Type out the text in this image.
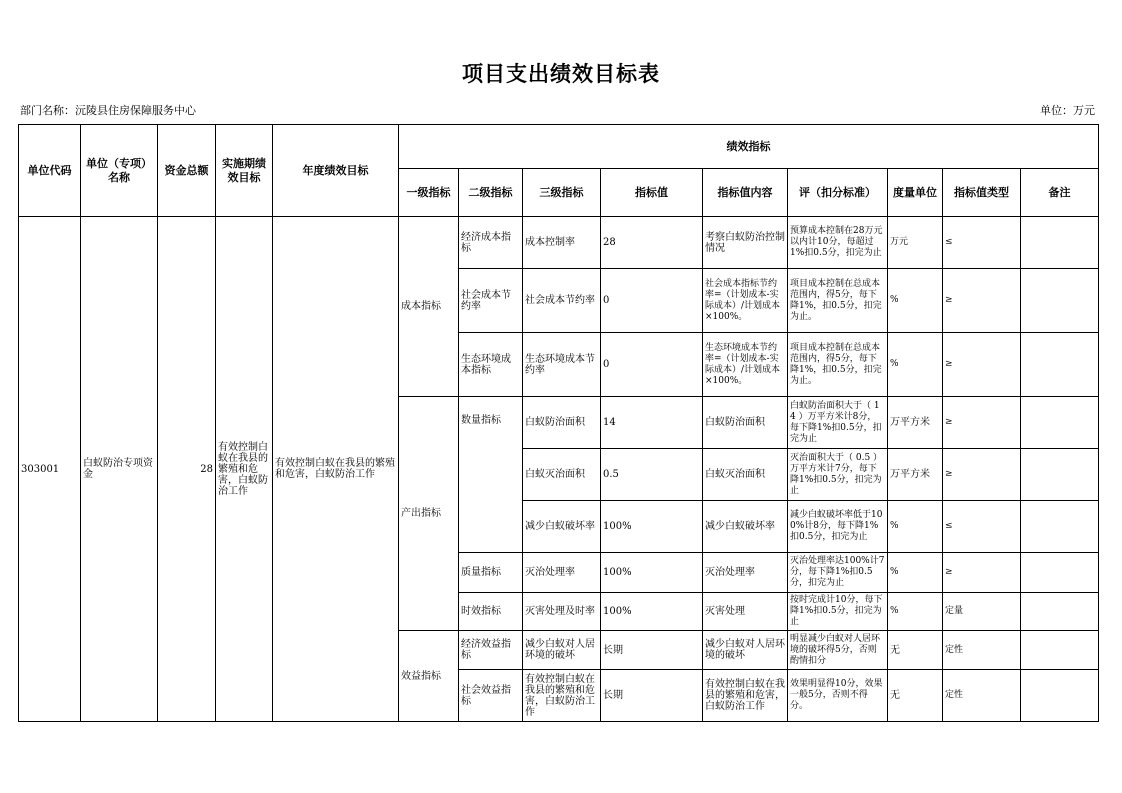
项目支出绩效目标表
部门名称：沅陵县住房保障服务中心	单位：万元
单位代码	单位（专项）名称	资金总额	实施期绩效目标	年度绩效目标	绩效指标								
					一级指标	二级指标	三级指标	指标值	指标值内容	评（扣分标准）	度量单位	指标值类型	备注
303001	白蚁防治专项资金	28	有效控制白蚁在我县的繁殖和危害，白蚁防治工作	有效控制白蚁在我县的繁殖和危害，白蚁防治工作	成本指标	经济成本指标	成本控制率	28	考察白蚁防治控制情况	预算成本控制在28万元以内计10分，每超过1%扣0.5分，扣完为止	万元	≤	
						社会成本节约率	社会成本节约率	0	社会成本指标节约率=（计划成本-实际成本）/计划成本×100%。	项目成本控制在总成本范围内，得5分，每下降1%，扣0.5分，扣完为止。	%	≥	
						生态环境成本指标	生态环境成本节约率	0	生态环境成本节约率=（计划成本-实际成本）/计划成本×100%。	项目成本控制在总成本范围内，得5分，每下降1%，扣0.5分，扣完为止。	%	≥	
					产出指标	数量指标	白蚁防治面积	14	白蚁防治面积	白蚁防治面积大于（ 14 ）万平方米计8分，每下降1%扣0.5分，扣完为止	万平方米	≥	
							白蚁灭治面积	0.5	白蚁灭治面积	灭治面积大于（ 0.5 ）万平方米计7分，每下降1%扣0.5分，扣完为止	万平方米	≥	
							减少白蚁破坏率	100%	减少白蚁破坏率	减少白蚁破坏率低于100%计8分，每下降1%扣0.5分，扣完为止	%	≤	
						质量指标	灭治处理率	100%	灭治处理率	灭治处理率达100%计7分，每下降1%扣0.5分，扣完为止	%	≥	
						时效指标	灭害处理及时率	100%	灭害处理	按时完成计10分，每下降1%扣0.5分，扣完为止	%	定量	
					效益指标	经济效益指标	减少白蚁对人居环境的破坏	长期	减少白蚁对人居环境的破坏	明显减少白蚁对人居环境的破坏得5分，否则酌情扣分	无	定性	
						社会效益指标	有效控制白蚁在我县的繁殖和危害，白蚁防治工作	长期	有效控制白蚁在我县的繁殖和危害，白蚁防治工作	效果明显得10分，效果一般5分，否则不得分。	无	定性	
